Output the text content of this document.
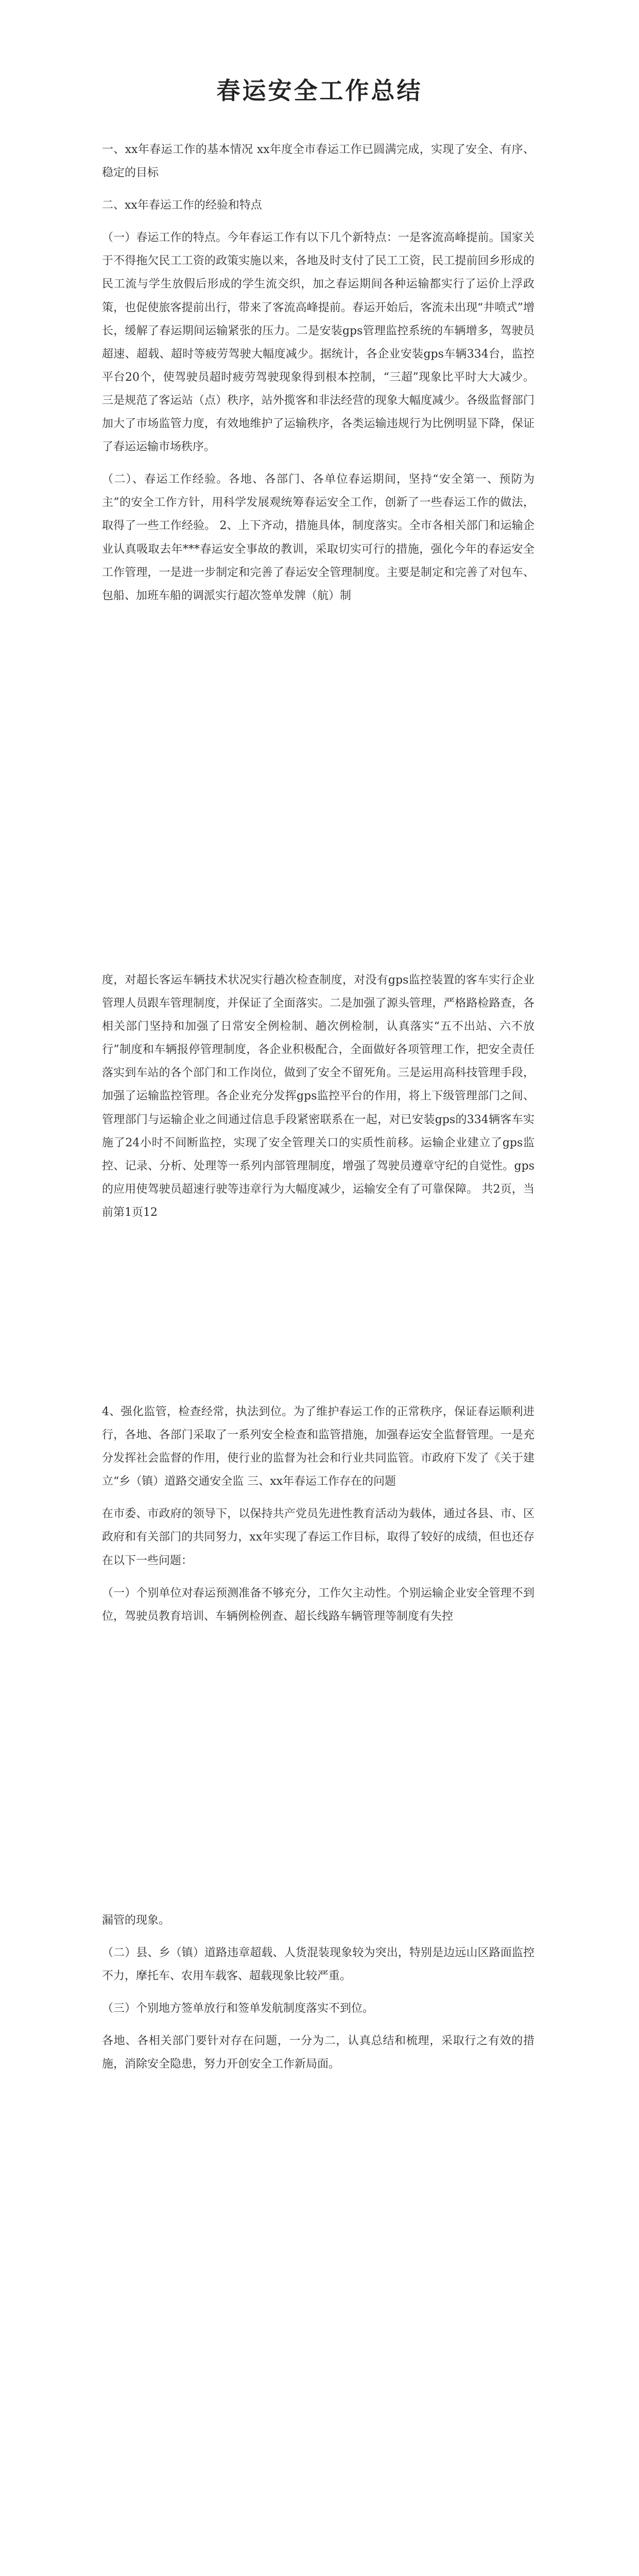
春运安全工作总结

一、xx年春运工作的基本情况 xx年度全市春运工作已圆满完成，实现了安全、有序、稳定的目标

二、xx年春运工作的经验和特点

（一）春运工作的特点。今年春运工作有以下几个新特点：一是客流高峰提前。国家关于不得拖欠民工工资的政策实施以来，各地及时支付了民工工资，民工提前回乡形成的民工流与学生放假后形成的学生流交织，加之春运期间各种运输都实行了运价上浮政策，也促使旅客提前出行，带来了客流高峰提前。春运开始后，客流未出现“井喷式”增长，缓解了春运期间运输紧张的压力。二是安装gps管理监控系统的车辆增多，驾驶员超速、超载、超时等疲劳驾驶大幅度减少。据统计，各企业安装gps车辆334台，监控平台20个，使驾驶员超时疲劳驾驶现象得到根本控制，“三超”现象比平时大大减少。三是规范了客运站（点）秩序，站外揽客和非法经营的现象大幅度减少。各级监督部门加大了市场监管力度，有效地维护了运输秩序，各类运输违规行为比例明显下降，保证了春运运输市场秩序。

（二）、春运工作经验。各地、各部门、各单位春运期间，坚持“安全第一、预防为主”的安全工作方针，用科学发展观统筹春运安全工作，创新了一些春运工作的做法，取得了一些工作经验。 2、上下齐动，措施具体，制度落实。全市各相关部门和运输企业认真吸取去年***春运安全事故的教训，采取切实可行的措施，强化今年的春运安全工作管理，一是进一步制定和完善了春运安全管理制度。主要是制定和完善了对包车、包船、加班车船的调派实行超次签单发牌（航）制

度，对超长客运车辆技术状况实行趟次检查制度，对没有gps监控装置的客车实行企业管理人员跟车管理制度，并保证了全面落实。二是加强了源头管理，严格路检路查，各相关部门坚持和加强了日常安全例检制、趟次例检制，认真落实“五不出站、六不放行”制度和车辆报停管理制度，各企业积极配合，全面做好各项管理工作，把安全责任落实到车站的各个部门和工作岗位，做到了安全不留死角。三是运用高科技管理手段，加强了运输监控管理。各企业充分发挥gps监控平台的作用，将上下级管理部门之间、管理部门与运输企业之间通过信息手段紧密联系在一起，对已安装gps的334辆客车实施了24小时不间断监控，实现了安全管理关口的实质性前移。运输企业建立了gps监控、记录、分析、处理等一系列内部管理制度，增强了驾驶员遵章守纪的自觉性。gps的应用使驾驶员超速行驶等违章行为大幅度减少，运输安全有了可靠保障。 共2页，当前第1页12

4、强化监管，检查经常，执法到位。为了维护春运工作的正常秩序，保证春运顺利进行，各地、各部门采取了一系列安全检查和监管措施，加强春运安全监督管理。一是充分发挥社会监督的作用，使行业的监督为社会和行业共同监管。市政府下发了《关于建立“乡（镇）道路交通安全监 三、xx年春运工作存在的问题

在市委、市政府的领导下，以保持共产党员先进性教育活动为载体，通过各县、市、区政府和有关部门的共同努力，xx年实现了春运工作目标，取得了较好的成绩，但也还存在以下一些问题：

（一）个别单位对春运预测准备不够充分，工作欠主动性。个别运输企业安全管理不到位，驾驶员教育培训、车辆例检例查、超长线路车辆管理等制度有失控

漏管的现象。

（二）县、乡（镇）道路违章超载、人货混装现象较为突出，特别是边远山区路面监控不力，摩托车、农用车载客、超载现象比较严重。

（三）个别地方签单放行和签单发航制度落实不到位。

各地、各相关部门要针对存在问题，一分为二，认真总结和梳理，采取行之有效的措施，消除安全隐患，努力开创安全工作新局面。
